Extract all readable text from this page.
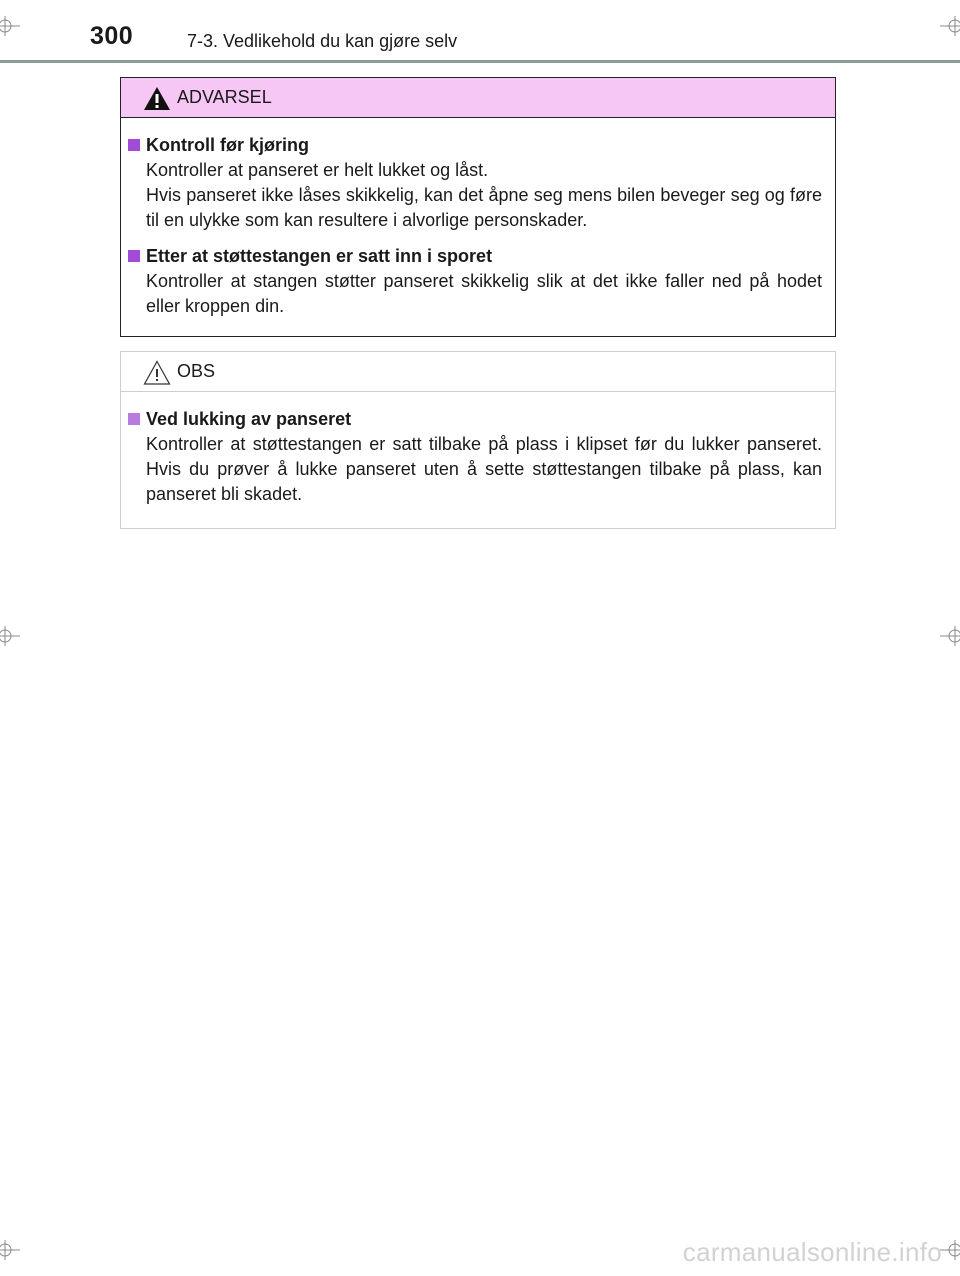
300	7-3. Vedlikehold du kan gjøre selv
ADVARSEL
Kontroll før kjøring

Kontroller at panseret er helt lukket og låst.

Hvis panseret ikke låses skikkelig, kan det åpne seg mens bilen beveger seg og føre til en ulykke som kan resultere i alvorlige personskader.

Etter at støttestangen er satt inn i sporet

Kontroller at stangen støtter panseret skikkelig slik at det ikke faller ned på hodet eller kroppen din.

OBS
Ved lukking av panseret

Kontroller at støttestangen er satt tilbake på plass i klipset før du lukker panseret. Hvis du prøver å lukke panseret uten å sette støttestangen tilbake på plass, kan panseret bli skadet.

carmanualsonline.info
